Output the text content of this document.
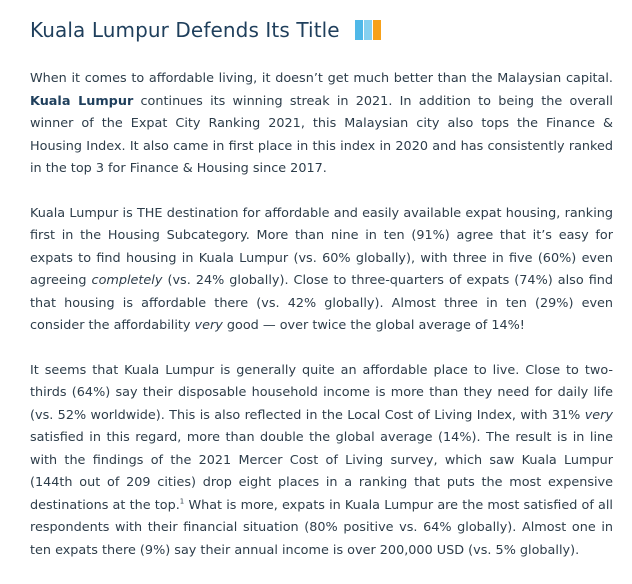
Kuala Lumpur Defends Its Title

When it comes to affordable living, it doesn’t get much better than the Malaysian capital. Kuala Lumpur continues its winning streak in 2021. In addition to being the overall winner of the Expat City Ranking 2021, this Malaysian city also tops the Finance & Housing Index. It also came in first place in this index in 2020 and has consistently ranked in the top 3 for Finance & Housing since 2017.

Kuala Lumpur is THE destination for affordable and easily available expat housing, ranking first in the Housing Subcategory. More than nine in ten (91%) agree that it’s easy for expats to find housing in Kuala Lumpur (vs. 60% globally), with three in five (60%) even agreeing completely (vs. 24% globally). Close to three-quarters of expats (74%) also find that housing is affordable there (vs. 42% globally). Almost three in ten (29%) even consider the affordability very good — over twice the global average of 14%!

It seems that Kuala Lumpur is generally quite an affordable place to live. Close to two-thirds (64%) say their disposable household income is more than they need for daily life (vs. 52% worldwide). This is also reflected in the Local Cost of Living Index, with 31% very satisfied in this regard, more than double the global average (14%). The result is in line with the findings of the 2021 Mercer Cost of Living survey, which saw Kuala Lumpur (144th out of 209 cities) drop eight places in a ranking that puts the most expensive destinations at the top.$^1$ What is more, expats in Kuala Lumpur are the most satisfied of all respondents with their financial situation (80% positive vs. 64% globally). Almost one in ten expats there (9%) say their annual income is over 200,000 USD (vs. 5% globally).
